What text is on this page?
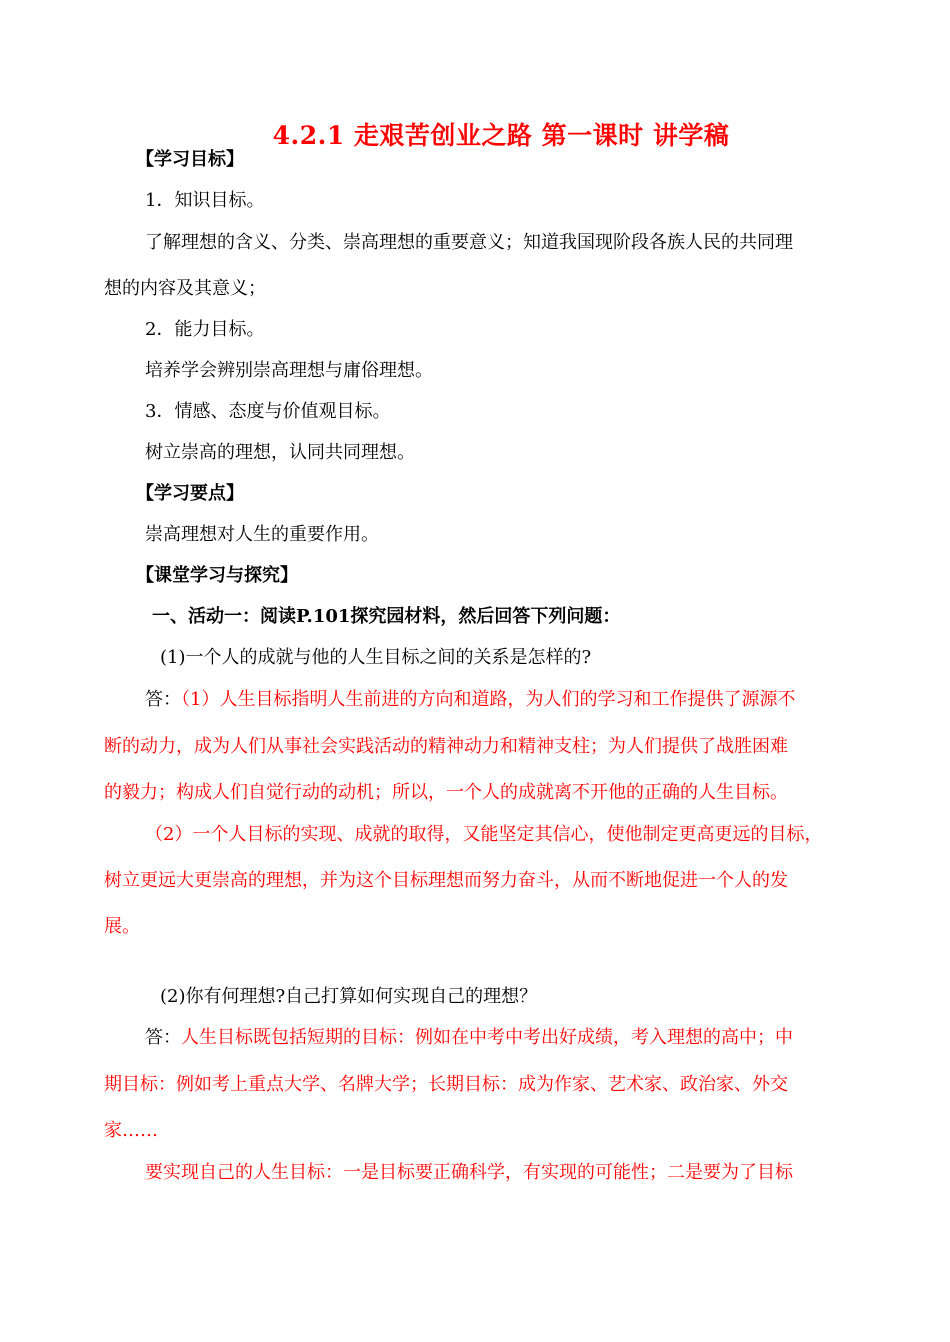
4.2.1 走艰苦创业之路 第一课时 讲学稿
【学习目标】
1．知识目标。
了解理想的含义、分类、崇高理想的重要意义；知道我国现阶段各族人民的共同理
想的内容及其意义；
2．能力目标。
培养学会辨别崇高理想与庸俗理想。
3．情感、态度与价值观目标。
树立崇高的理想，认同共同理想。
【学习要点】
崇高理想对人生的重要作用。
【课堂学习与探究】
一、活动一：阅读P.101探究园材料，然后回答下列问题：
(1)一个人的成就与他的人生目标之间的关系是怎样的?
答：（1）人生目标指明人生前进的方向和道路，为人们的学习和工作提供了源源不
断的动力，成为人们从事社会实践活动的精神动力和精神支柱；为人们提供了战胜困难
的毅力；构成人们自觉行动的动机；所以，一个人的成就离不开他的正确的人生目标。
（2）一个人目标的实现、成就的取得，又能坚定其信心，使他制定更高更远的目标，
树立更远大更崇高的理想，并为这个目标理想而努力奋斗，从而不断地促进一个人的发
展。
(2)你有何理想?自己打算如何实现自己的理想？
答：人生目标既包括短期的目标：例如在中考中考出好成绩，考入理想的高中；中
期目标：例如考上重点大学、名牌大学；长期目标：成为作家、艺术家、政治家、外交
家……
要实现自己的人生目标：一是目标要正确科学，有实现的可能性；二是要为了目标
